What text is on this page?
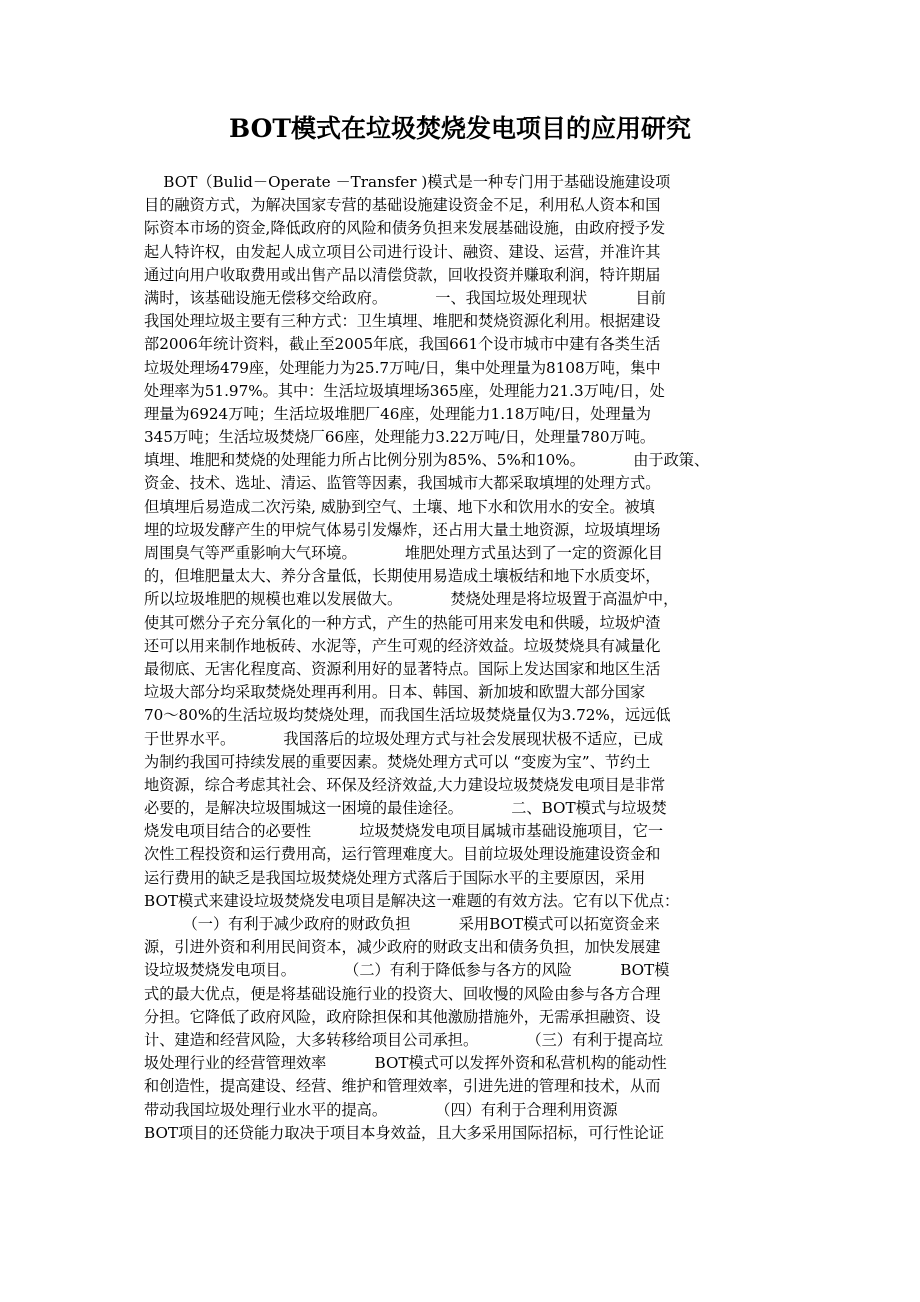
BOT模式在垃圾焚烧发电项目的应用研究
BOT（Bulid－Operate －Transfer )模式是一种专门用于基础设施建设项
目的融资方式，为解决国家专营的基础设施建设资金不足，利用私人资本和国
际资本市场的资金,降低政府的风险和债务负担来发展基础设施，由政府授予发
起人特许权，由发起人成立项目公司进行设计、融资、建设、运营，并准许其
通过向用户收取费用或出售产品以清偿贷款，回收投资并赚取利润，特许期届
满时，该基础设施无偿移交给政府。          一、我国垃圾处理现状          目前
我国处理垃圾主要有三种方式：卫生填埋、堆肥和焚烧资源化利用。根据建设
部2006年统计资料，截止至2005年底，我国661个设市城市中建有各类生活
垃圾处理场479座，处理能力为25.7万吨/日，集中处理量为8108万吨，集中
处理率为51.97%。其中：生活垃圾填埋场365座，处理能力21.3万吨/日，处
理量为6924万吨；生活垃圾堆肥厂46座，处理能力1.18万吨/日，处理量为
345万吨；生活垃圾焚烧厂66座，处理能力3.22万吨/日，处理量780万吨。
填埋、堆肥和焚烧的处理能力所占比例分别为85%、5%和10%。          由于政策、
资金、技术、选址、清运、监管等因素，我国城市大都采取填埋的处理方式。
但填埋后易造成二次污染, 威胁到空气、土壤、地下水和饮用水的安全。被填
埋的垃圾发酵产生的甲烷气体易引发爆炸，还占用大量土地资源，垃圾填埋场
周围臭气等严重影响大气环境。          堆肥处理方式虽达到了一定的资源化目
的，但堆肥量太大、养分含量低，长期使用易造成土壤板结和地下水质变坏，
所以垃圾堆肥的规模也难以发展做大。          焚烧处理是将垃圾置于高温炉中，
使其可燃分子充分氧化的一种方式，产生的热能可用来发电和供暖，垃圾炉渣
还可以用来制作地板砖、水泥等，产生可观的经济效益。垃圾焚烧具有减量化
最彻底、无害化程度高、资源利用好的显著特点。国际上发达国家和地区生活
垃圾大部分均采取焚烧处理再利用。日本、韩国、新加坡和欧盟大部分国家
70～80%的生活垃圾均焚烧处理，而我国生活垃圾焚烧量仅为3.72%，远远低
于世界水平。          我国落后的垃圾处理方式与社会发展现状极不适应，已成
为制约我国可持续发展的重要因素。焚烧处理方式可以 “变废为宝”、节约土
地资源，综合考虑其社会、环保及经济效益,大力建设垃圾焚烧发电项目是非常
必要的，是解决垃圾围城这一困境的最佳途径。          二、BOT模式与垃圾焚
烧发电项目结合的必要性          垃圾焚烧发电项目属城市基础设施项目，它一
次性工程投资和运行费用高，运行管理难度大。目前垃圾处理设施建设资金和
运行费用的缺乏是我国垃圾焚烧处理方式落后于国际水平的主要原因，采用
BOT模式来建设垃圾焚烧发电项目是解决这一难题的有效方法。它有以下优点：
（一）有利于减少政府的财政负担          采用BOT模式可以拓宽资金来
源，引进外资和利用民间资本，减少政府的财政支出和债务负担，加快发展建
设垃圾焚烧发电项目。          （二）有利于降低参与各方的风险          BOT模
式的最大优点，便是将基础设施行业的投资大、回收慢的风险由参与各方合理
分担。它降低了政府风险，政府除担保和其他激励措施外，无需承担融资、设
计、建造和经营风险，大多转移给项目公司承担。          （三）有利于提高垃
圾处理行业的经营管理效率          BOT模式可以发挥外资和私营机构的能动性
和创造性，提高建设、经营、维护和管理效率，引进先进的管理和技术，从而
带动我国垃圾处理行业水平的提高。          （四）有利于合理利用资源
BOT项目的还贷能力取决于项目本身效益，且大多采用国际招标，可行性论证
